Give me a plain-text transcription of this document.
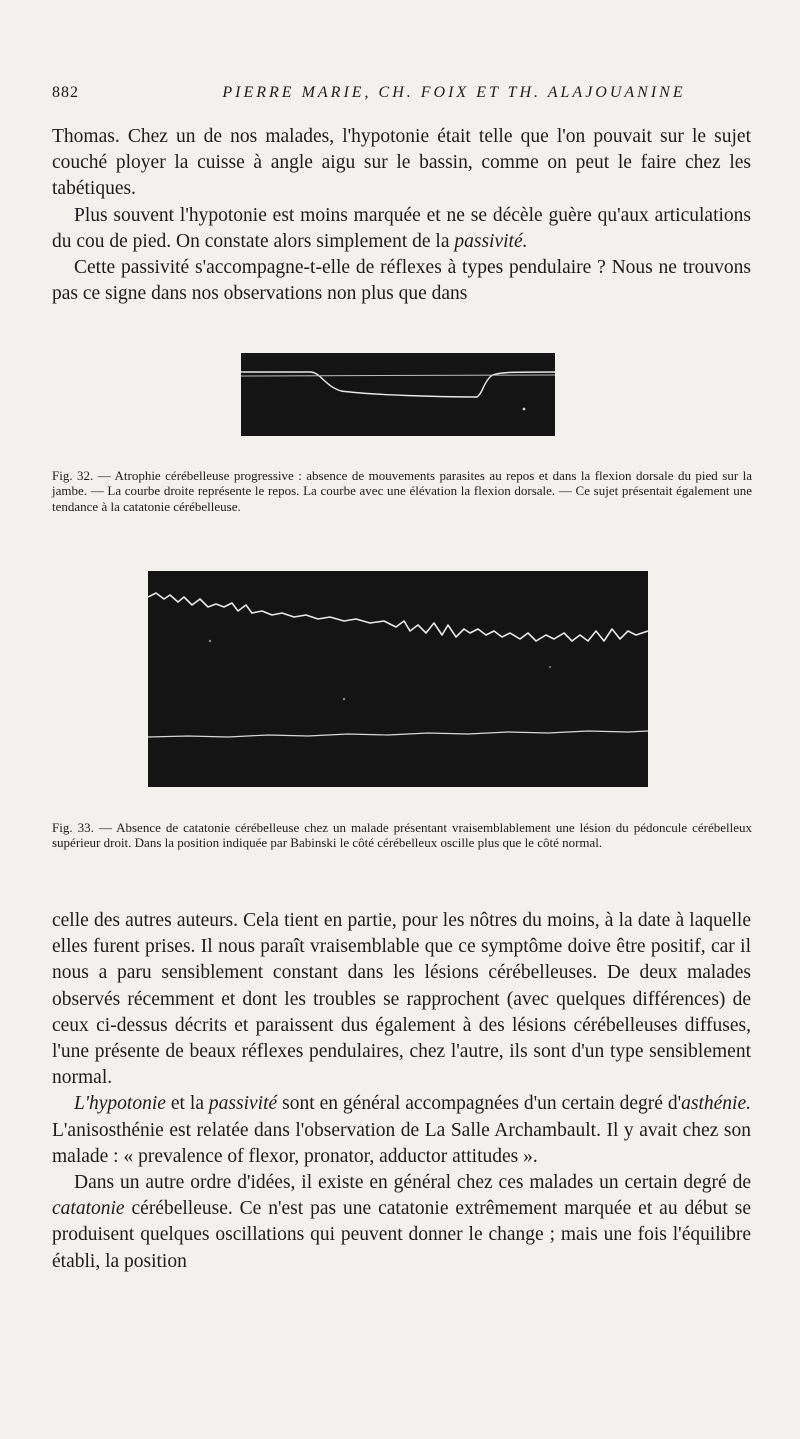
882	PIERRE MARIE, CH. FOIX ET TH. ALAJOUANINE

Thomas. Chez un de nos malades, l'hypotonie était telle que l'on pouvait sur le sujet couché ployer la cuisse à angle aigu sur le bassin, comme on peut le faire chez les tabétiques.

Plus souvent l'hypotonie est moins marquée et ne se décèle guère qu'aux articulations du cou de pied. On constate alors simplement de la passivité.

Cette passivité s'accompagne-t-elle de réflexes à types pendulaire ? Nous ne trouvons pas ce signe dans nos observations non plus que dans

Fig. 32. — Atrophie cérébelleuse progressive : absence de mouvements parasites au repos et dans la flexion dorsale du pied sur la jambe. — La courbe droite représente le repos. La courbe avec une élévation la flexion dorsale. — Ce sujet présentait également une tendance à la catatonie cérébelleuse.
Fig. 33. — Absence de catatonie cérébelleuse chez un malade présentant vraisemblablement une lésion du pédoncule cérébelleux supérieur droit. Dans la position indiquée par Babinski le côté cérébelleux oscille plus que le côté normal.

celle des autres auteurs. Cela tient en partie, pour les nôtres du moins, à la date à laquelle elles furent prises. Il nous paraît vraisemblable que ce symptôme doive être positif, car il nous a paru sensiblement constant dans les lésions cérébelleuses. De deux malades observés récemment et dont les troubles se rapprochent (avec quelques différences) de ceux ci-dessus décrits et paraissent dus également à des lésions cérébelleuses diffuses, l'une présente de beaux réflexes pendulaires, chez l'autre, ils sont d'un type sensiblement normal.

L'hypotonie et la passivité sont en général accompagnées d'un certain degré d'asthénie. L'anisosthénie est relatée dans l'observation de La Salle Archambault. Il y avait chez son malade : « prevalence of flexor, pronator, adductor attitudes ».

Dans un autre ordre d'idées, il existe en général chez ces malades un certain degré de catatonie cérébelleuse. Ce n'est pas une catatonie extrêmement marquée et au début se produisent quelques oscillations qui peuvent donner le change ; mais une fois l'équilibre établi, la position
